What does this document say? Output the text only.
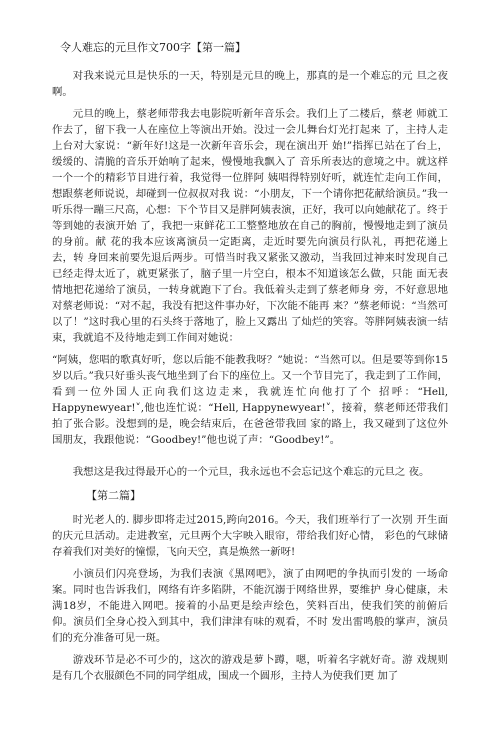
令人难忘的元旦作文700字【第一篇】

对我来说元旦是快乐的一天，特别是元旦的晚上，那真的是一个难忘的元 旦之夜啊。

元旦的晚上，蔡老师带我去电影院听新年音乐会。我们上了二楼后，蔡老 师就工作去了，留下我一人在座位上等演出开始。没过一会儿舞台灯光打起来 了，主持人走上台对大家说：“新年好!这是一次新年音乐会，现在演出开 始!”指挥已站在了台上，缓缓的、清脆的音乐开始响了起来，慢慢地我飘入了 音乐所表达的意境之中。就这样一个一个的精彩节目进行着，我觉得一位胖阿 姨唱得特别好听，就连忙走向工作间，想跟蔡老师说说，却碰到一位叔叔对我 说：“小朋友，下一个请你把花献给演员。”我一听乐得一蹦三尺高，心想：下个节目又是胖阿姨表演，正好，我可以向她献花了。终于等到她的表演开始 了，我把一束鲜花工工整整地放在自己的胸前，慢慢地走到了演员的身前。献 花的我本应该离演员一定距离，走近时要先向演员行队礼，再把花递上去，转 身回来前要先退后两步。可惜当时我又紧张又激动，当我回过神来时发现自己 已经走得太近了，就更紧张了，脑子里一片空白，根本不知道该怎么做，只能 面无表情地把花递给了演员，一转身就跑下了台。我低着头走到了蔡老师身 旁，不好意思地对蔡老师说：“对不起，我没有把这件事办好，下次能不能再 来？”蔡老师说：“当然可以了！”这时我心里的石头终于落地了，脸上又露出 了灿烂的笑容。等胖阿姨表演一结束，我就追不及待地走到工作间对她说：

“阿姨，您唱的歌真好听，您以后能不能教我呀？”她说：“当然可以。但是要等到你15岁以后。”我只好垂头丧气地坐到了台下的座位上。又一个节目完了，我走到了工作间，看到一位外国人正向我们这边走来，我就连忙向他打了个 招呼：“Hell, Happynewyear!˅,他也连忙说：“Hell, Happynewyear!˅，接着，蔡老师还带我们拍了张合影。没想到的是，晚会结束后，在爸爸带我回 家的路上，我又碰到了这位外国朋友，我跟他说：“Goodbey!”他也说了声：“Goodbey!”。

我想这是我过得最开心的一个元旦，我永远也不会忘记这个难忘的元旦之 夜。

【第二篇】

时光老人的. 脚步即将走过2015,跨向2016。今天，我们班举行了一次别 开生面的庆元旦活动。走进教室，元旦两个大字映入眼帘，带给我们好心情， 彩色的气球储存着我们对美好的憧憬，飞向天空，真是焕然一新呀!

小演员们闪亮登场，为我们表演《黑网吧》，演了由网吧的争执而引发的 一场命案。同时也告诉我们，网络有许多陷阱，不能沉溺于网络世界，要维护 身心健康，未满18岁，不能进入网吧。接着的小品更是绘声绘色，笑料百出，使我们笑的前俯后仰。演员们全身心投入到其中，我们津津有味的观看，不时 发出雷鸣般的掌声，演员们的充分准备可见一斑。

游戏环节是必不可少的，这次的游戏是萝卜蹲，嗯，听着名字就好奇。游 戏规则是有几个衣服颜色不同的同学组成，围成一个圆形，主持人为使我们更 加了
